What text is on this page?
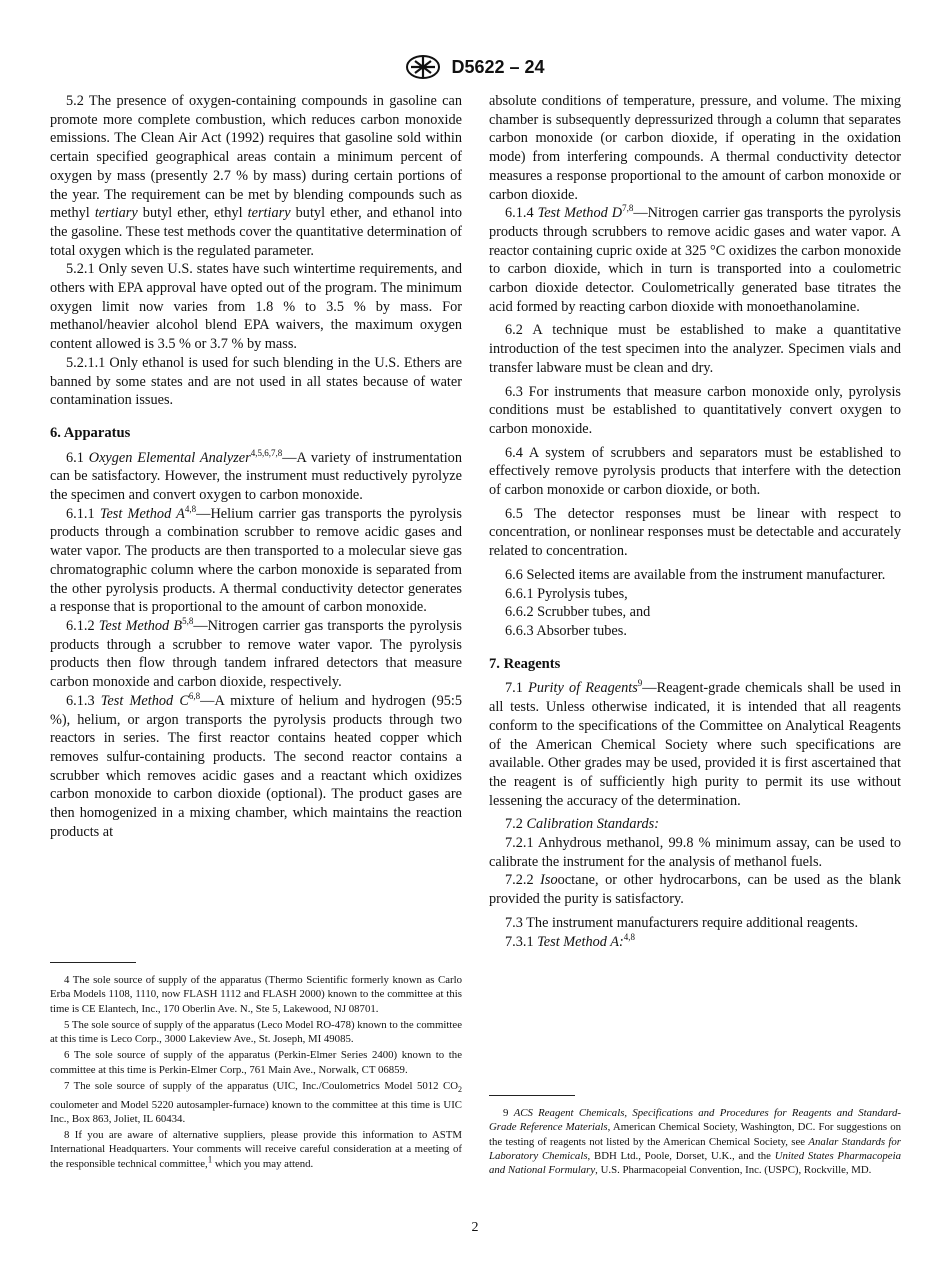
D5622 – 24

5.2 The presence of oxygen-containing compounds in gasoline can promote more complete combustion, which reduces carbon monoxide emissions. The Clean Air Act (1992) requires that gasoline sold within certain specified geographical areas contain a minimum percent of oxygen by mass (presently 2.7 % by mass) during certain portions of the year. The requirement can be met by blending compounds such as methyl tertiary butyl ether, ethyl tertiary butyl ether, and ethanol into the gasoline. These test methods cover the quantitative determination of total oxygen which is the regulated parameter.

5.2.1 Only seven U.S. states have such wintertime requirements, and others with EPA approval have opted out of the program. The minimum oxygen limit now varies from 1.8 % to 3.5 % by mass. For methanol/heavier alcohol blend EPA waivers, the maximum oxygen content allowed is 3.5 % or 3.7 % by mass.

5.2.1.1 Only ethanol is used for such blending in the U.S. Ethers are banned by some states and are not used in all states because of water contamination issues.

6. Apparatus

6.1 Oxygen Elemental Analyzer$^{4,5,6,7,8}$—A variety of instrumentation can be satisfactory. However, the instrument must reductively pyrolyze the specimen and convert oxygen to carbon monoxide.

6.1.1 Test Method A$^{4,8}$—Helium carrier gas transports the pyrolysis products through a combination scrubber to remove acidic gases and water vapor. The products are then transported to a molecular sieve gas chromatographic column where the carbon monoxide is separated from the other pyrolysis products. A thermal conductivity detector generates a response that is proportional to the amount of carbon monoxide.

6.1.2 Test Method B$^{5,8}$—Nitrogen carrier gas transports the pyrolysis products through a scrubber to remove water vapor. The pyrolysis products then flow through tandem infrared detectors that measure carbon monoxide and carbon dioxide, respectively.

6.1.3 Test Method C$^{6,8}$—A mixture of helium and hydrogen (95:5 %), helium, or argon transports the pyrolysis products through two reactors in series. The first reactor contains heated copper which removes sulfur-containing products. The second reactor contains a scrubber which removes acidic gases and a reactant which oxidizes carbon monoxide to carbon dioxide (optional). The product gases are then homogenized in a mixing chamber, which maintains the reaction products at

4 The sole source of supply of the apparatus (Thermo Scientific formerly known as Carlo Erba Models 1108, 1110, now FLASH 1112 and FLASH 2000) known to the committee at this time is CE Elantech, Inc., 170 Oberlin Ave. N., Ste 5, Lakewood, NJ 08701.

5 The sole source of supply of the apparatus (Leco Model RO-478) known to the committee at this time is Leco Corp., 3000 Lakeview Ave., St. Joseph, MI 49085.

6 The sole source of supply of the apparatus (Perkin-Elmer Series 2400) known to the committee at this time is Perkin-Elmer Corp., 761 Main Ave., Norwalk, CT 06859.

7 The sole source of supply of the apparatus (UIC, Inc./Coulometrics Model 5012 $CO_2$ coulometer and Model 5220 autosampler-furnace) known to the committee at this time is UIC Inc., Box 863, Joliet, IL 60434.

8 If you are aware of alternative suppliers, please provide this information to ASTM International Headquarters. Your comments will receive careful consideration at a meeting of the responsible technical committee,$^1$ which you may attend.

absolute conditions of temperature, pressure, and volume. The mixing chamber is subsequently depressurized through a column that separates carbon monoxide (or carbon dioxide, if operating in the oxidation mode) from interfering compounds. A thermal conductivity detector measures a response proportional to the amount of carbon monoxide or carbon dioxide.

6.1.4 Test Method D$^{7,8}$—Nitrogen carrier gas transports the pyrolysis products through scrubbers to remove acidic gases and water vapor. A reactor containing cupric oxide at 325 °C oxidizes the carbon monoxide to carbon dioxide, which in turn is transported into a coulometric carbon dioxide detector. Coulometrically generated base titrates the acid formed by reacting carbon dioxide with monoethanolamine.

6.2 A technique must be established to make a quantitative introduction of the test specimen into the analyzer. Specimen vials and transfer labware must be clean and dry.

6.3 For instruments that measure carbon monoxide only, pyrolysis conditions must be established to quantitatively convert oxygen to carbon monoxide.

6.4 A system of scrubbers and separators must be established to effectively remove pyrolysis products that interfere with the detection of carbon monoxide or carbon dioxide, or both.

6.5 The detector responses must be linear with respect to concentration, or nonlinear responses must be detectable and accurately related to concentration.

6.6 Selected items are available from the instrument manufacturer.

6.6.1 Pyrolysis tubes,

6.6.2 Scrubber tubes, and

6.6.3 Absorber tubes.

7. Reagents

7.1 Purity of Reagents$^9$—Reagent-grade chemicals shall be used in all tests. Unless otherwise indicated, it is intended that all reagents conform to the specifications of the Committee on Analytical Reagents of the American Chemical Society where such specifications are available. Other grades may be used, provided it is first ascertained that the reagent is of sufficiently high purity to permit its use without lessening the accuracy of the determination.

7.2 Calibration Standards:

7.2.1 Anhydrous methanol, 99.8 % minimum assay, can be used to calibrate the instrument for the analysis of methanol fuels.

7.2.2 Isooctane, or other hydrocarbons, can be used as the blank provided the purity is satisfactory.

7.3 The instrument manufacturers require additional reagents.

7.3.1 Test Method A:$^{4,8}$

9 ACS Reagent Chemicals, Specifications and Procedures for Reagents and Standard-Grade Reference Materials, American Chemical Society, Washington, DC. For suggestions on the testing of reagents not listed by the American Chemical Society, see Analar Standards for Laboratory Chemicals, BDH Ltd., Poole, Dorset, U.K., and the United States Pharmacopeia and National Formulary, U.S. Pharmacopeial Convention, Inc. (USPC), Rockville, MD.

2
